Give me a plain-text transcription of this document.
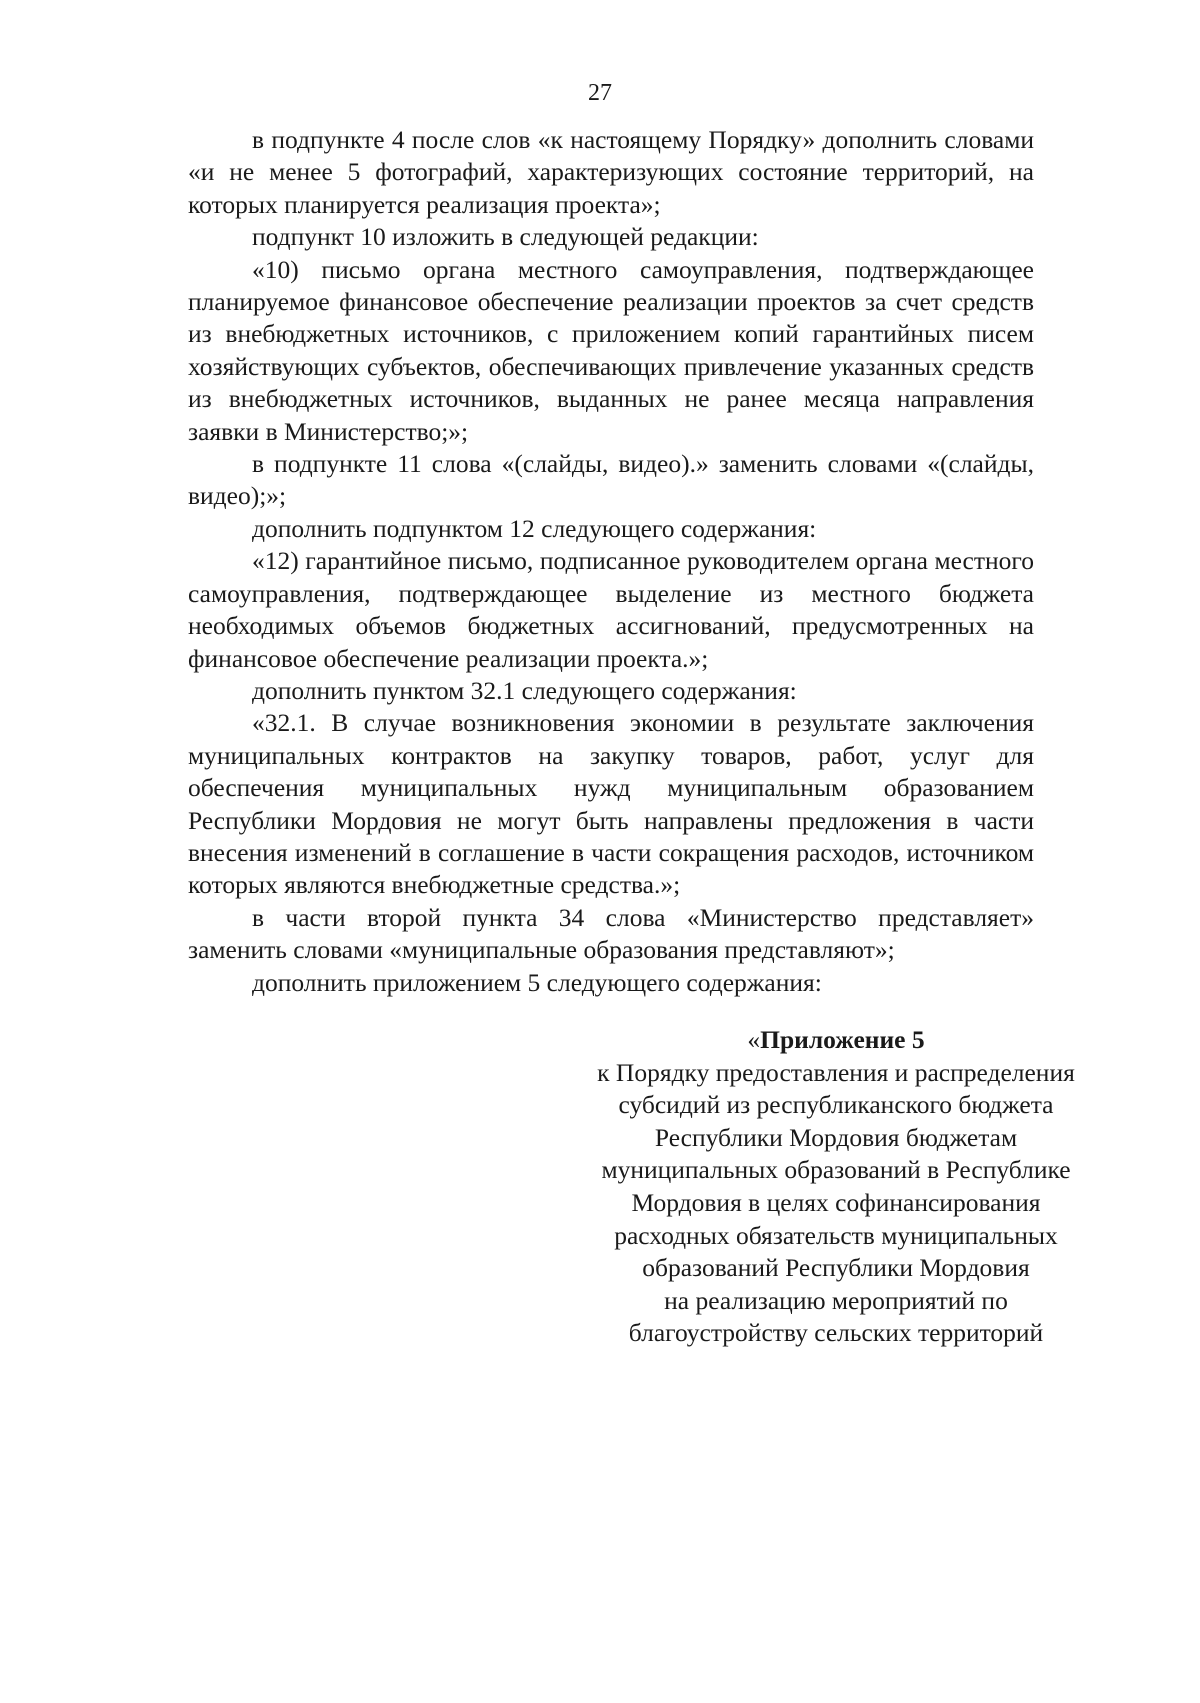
27

в подпункте 4 после слов «к настоящему Порядку» дополнить словами «и не менее 5 фотографий, характеризующих состояние территорий, на которых планируется реализация проекта»;

подпункт 10 изложить в следующей редакции:

«10) письмо органа местного самоуправления, подтверждающее планируемое финансовое обеспечение реализации проектов за счет средств из внебюджетных источников, с приложением копий гарантийных писем хозяйствующих субъектов, обеспечивающих привлечение указанных средств из внебюджетных источников, выданных не ранее месяца направления заявки в Министерство;»;

в подпункте 11 слова «(слайды, видео).» заменить словами «(слайды, видео);»;

дополнить подпунктом 12 следующего содержания:

«12) гарантийное письмо, подписанное руководителем органа местного самоуправления, подтверждающее выделение из местного бюджета необходимых объемов бюджетных ассигнований, предусмотренных на финансовое обеспечение реализации проекта.»;

дополнить пунктом 32.1 следующего содержания:

«32.1. В случае возникновения экономии в результате заключения муниципальных контрактов на закупку товаров, работ, услуг для обеспечения муниципальных нужд муниципальным образованием Республики Мордовия не могут быть направлены предложения в части внесения изменений в соглашение в части сокращения расходов, источником которых являются внебюджетные средства.»;

в части второй пункта 34 слова «Министерство представляет» заменить словами «муниципальные образования представляют»;

дополнить приложением 5 следующего содержания:

«Приложение 5
к Порядку предоставления и распределения
субсидий из республиканского бюджета
Республики Мордовия бюджетам
муниципальных образований в Республике
Мордовия в целях софинансирования
расходных обязательств муниципальных
образований Республики Мордовия
на реализацию мероприятий по
благоустройству сельских территорий
